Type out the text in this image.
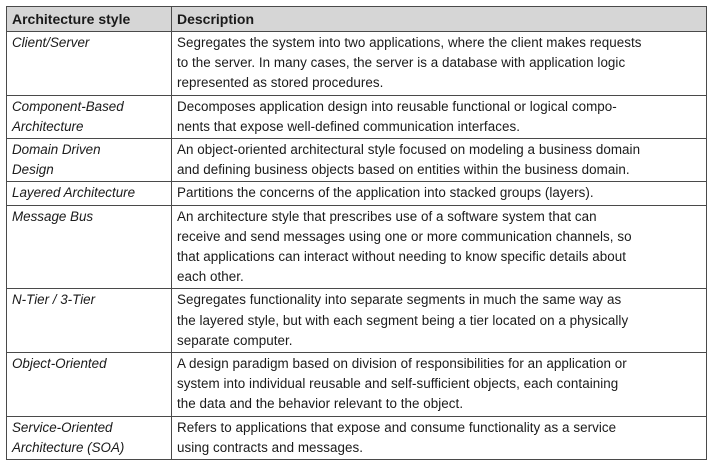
Architecture style	Description

Client/Server	Segregates the system into two applications, where the client makes requests
to the server. In many cases, the server is a database with application logic
represented as stored procedures.

Component-Based
Architecture	Decomposes application design into reusable functional or logical compo-
nents that expose well-defined communication interfaces.

Domain Driven
Design	An object-oriented architectural style focused on modeling a business domain
and defining business objects based on entities within the business domain.

Layered Architecture	Partitions the concerns of the application into stacked groups (layers).

Message Bus	An architecture style that prescribes use of a software system that can
receive and send messages using one or more communication channels, so
that applications can interact without needing to know specific details about
each other.

N-Tier / 3-Tier	Segregates functionality into separate segments in much the same way as
the layered style, but with each segment being a tier located on a physically
separate computer.

Object-Oriented	A design paradigm based on division of responsibilities for an application or
system into individual reusable and self-sufficient objects, each containing
the data and the behavior relevant to the object.

Service-Oriented
Architecture (SOA)	Refers to applications that expose and consume functionality as a service
using contracts and messages.
